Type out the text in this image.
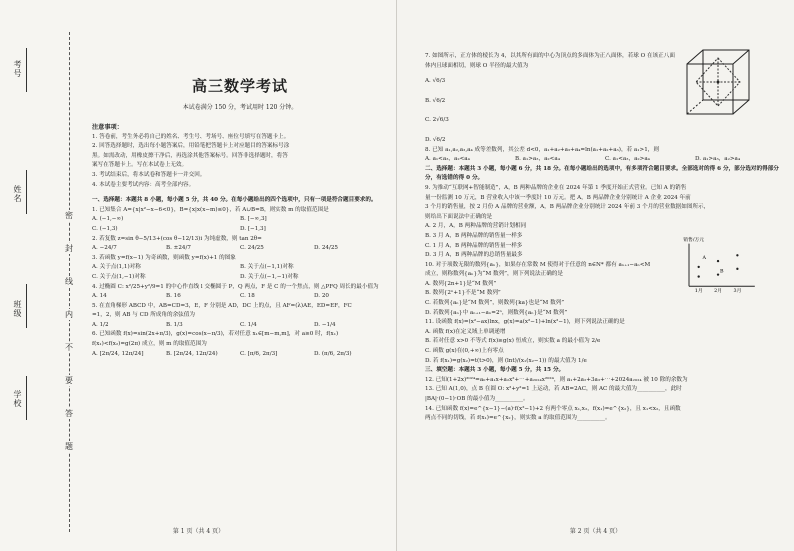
考号
姓名
班级
学校
密
封
线
内
不
要
答
题
高三数学考试
本试卷满分 150 分，考试用时 120 分钟。

注意事项：

1. 答卷前，考生务必将自己的姓名、考生号、考场号、座位号填写在答题卡上。

2. 回答选择题时，选出每小题答案后，用铅笔把答题卡上对应题目的答案标号涂

黑。如需改动，用橡皮擦干净后，再选涂其他答案标号。回答非选择题时，将答

案写在答题卡上。写在本试卷上无效。

3. 考试结束后，将本试卷和答题卡一并交回。

4. 本试卷主要考试内容：高考全部内容。

一、选择题：本题共 8 小题，每小题 5 分，共 40 分。在每小题给出的四个选项中，只有一项是符合题目要求的。

1. 已知集合 A={x|x²−x−6<0}，B={x|x(x−m)≤0}，若 A∪B=B，则实数 m 的取值范围是

A. (−1,−∞)	B. [−∞,3]
C. (−1,3)	D. [−1,3]

2. 若复数 z=sin θ−5/13+(cos θ−12/13)i 为纯虚数，则 tan 2θ=

A. −24/7	B. ±24/7	C. 24/25	D. 24/25

3. 若函数 y=f(x−1) 为奇函数，则函数 y=f(x)+1 的图象

A. 关于点(1,1)对称	B. 关于点(−1,1)对称
C. 关于点(1,−1)对称	D. 关于点(−1,−1)对称

4. 过椭圆 C: x²/25+y²/9=1 的中心作直线 l 交椭圆于 P，Q 两点，F 是 C 的一个焦点，则 △PFQ 周长的最小值为

A. 14	B. 16	C. 18	D. 20

5. 在直角梯形 ABCD 中，AB=CD=3，E，F 分别是 AD，DC 上的点，且 AF=(λ)AE，ED=EF，FC

=1，2，则 AB 与 CD 所成角的余弦值为

A. 1/2	B. 1/3	C. 1/4	D. −1/4

6. 已知函数 f(x)=sin(2x+π/3)，g(x)=cos(x−π/3)，若对任意 x₁∈[m−m,m]，对 a≥0 时，f(x₁)

f(x₁)<f(x₂)=g(2π) 成立，则 m 的取值范围为

A. [2π/24, 12π/24]	B. [2π/24, 12π/24)	C. [π/6, 2π/3]	D. (π/6, 2π/3)
第 1 页（共 4 页）

7. 如图所示，正方体的棱长为 4，以其所有面的中心为顶点的多面体为正八面体，若球 O 在该正八面

体内且球面相切，则球 O 半径的最大值为

A. √6/3

B. √6/2

C. 2√6/3

D. √6/2

8. 已知 a₁,a₂,a₃,a₄ 成等差数列，其公差 d<0，a₁+a₂+a₃+a₄=ln(a₁+a₂+a₃)，若 a₁>1，则

A. a₁<a₃，a₂<a₄	B. a₁>a₃，a₂<a₄	C. a₁<a₃，a₂>a₄	D. a₁>a₃，a₂>a₄

二、选择题：本题共 3 小题，每小题 6 分，共 18 分。在每小题给出的选项中，有多项符合题目要求。全部选对的得 6 分，部分选对的得部分分，有选错的得 0 分。

9. 为推动“互联网+智能制造”，A，B 两种品牌的企业在 2024 年第 1 季度开始正式营业。已知 A 的销售

量一份监测 10 万元，B 营业收入中该一季度针 10 万元。把 A，B 两品牌企业分别统计 A 企业 2024 年前

3 个月的销售量，按 2 月份 A 品牌的营业额，A，B 两品牌企业分别统计 2024 年前 3 个月的营业数据如图所示，

则给出下面说法中正确的是

A. 2 月，A，B 两种品牌的营销计划相同

B. 3 月 A，B 两种品牌的销售量一样多

C. 1 月 A，B 两种品牌的销售量一样多

D. 3 月 A，B 两种品牌的总销售量最多

10. 对于项数无限的数列{aₙ}，如果存在常数 M 使得对于任意的 n∈N* 都有 aₙ₊₁−aₙ<M

成立，则称数列{aₙ}为“M 数列”，则下列说法正确的是

A. 数列{2n+1}是“M 数列”

B. 数列{2ⁿ+1}不是“M 数列”

C. 若数列{aₙ}是“M 数列”，则数列{ka}也是“M 数列”

D. 若数列{aₙ}中 aₙ₊₁−aₙ=2ⁿ，则数列{aₙ}是“M 数列”

11. 设函数 f(x)=(x²−ax)lnx，g(x)=a(x²−1)+ln(x²−1)，则下列说法正确的是

A. 函数 f(x)在定义域上单调递增

B. 若对任意 x>0 不等式 f(x)≥g(x) 恒成立，则实数 a 的最小值为 2/e

C. 函数 g(x)在(0,+∞)上有零点

D. 若 f(x₁)=g(x₂)=t(t>0)，则 (lnt)/(x₁(x₂−1)) 的最大值为 1/e

三、填空题：本题共 3 小题，每小题 5 分，共 15 分。

12. 已知(1+2x)²⁰²⁴=a₀+a₁x+a₂x²+⋯+a₂₀₂₄x²⁰²⁴，则 a₁+2a₂+3a₃+⋯+2024a₂₀₂₄ 被 10 除的余数为

13. 已知 A(1,0)，点 B 在圆 O: x²+y²=1 上运动，若 AB=2AC，则 AC 的最大值为__________，此时

|BA|·(0−1)·OB 的最小值为__________。

14. 已知函数 f(x)=e^{x−1}−(a)·f(x²−1)+2 有两个零点 x₁,x₂，f(x₁)=e^{x₂}，且 x₁<x₂，且函数

两点不同的切线，若 f(x₁)=e^{x₂}，则实数 a 的取值范围为__________。

销售/万元
A
B
1月 2月 3月
第 2 页（共 4 页）
